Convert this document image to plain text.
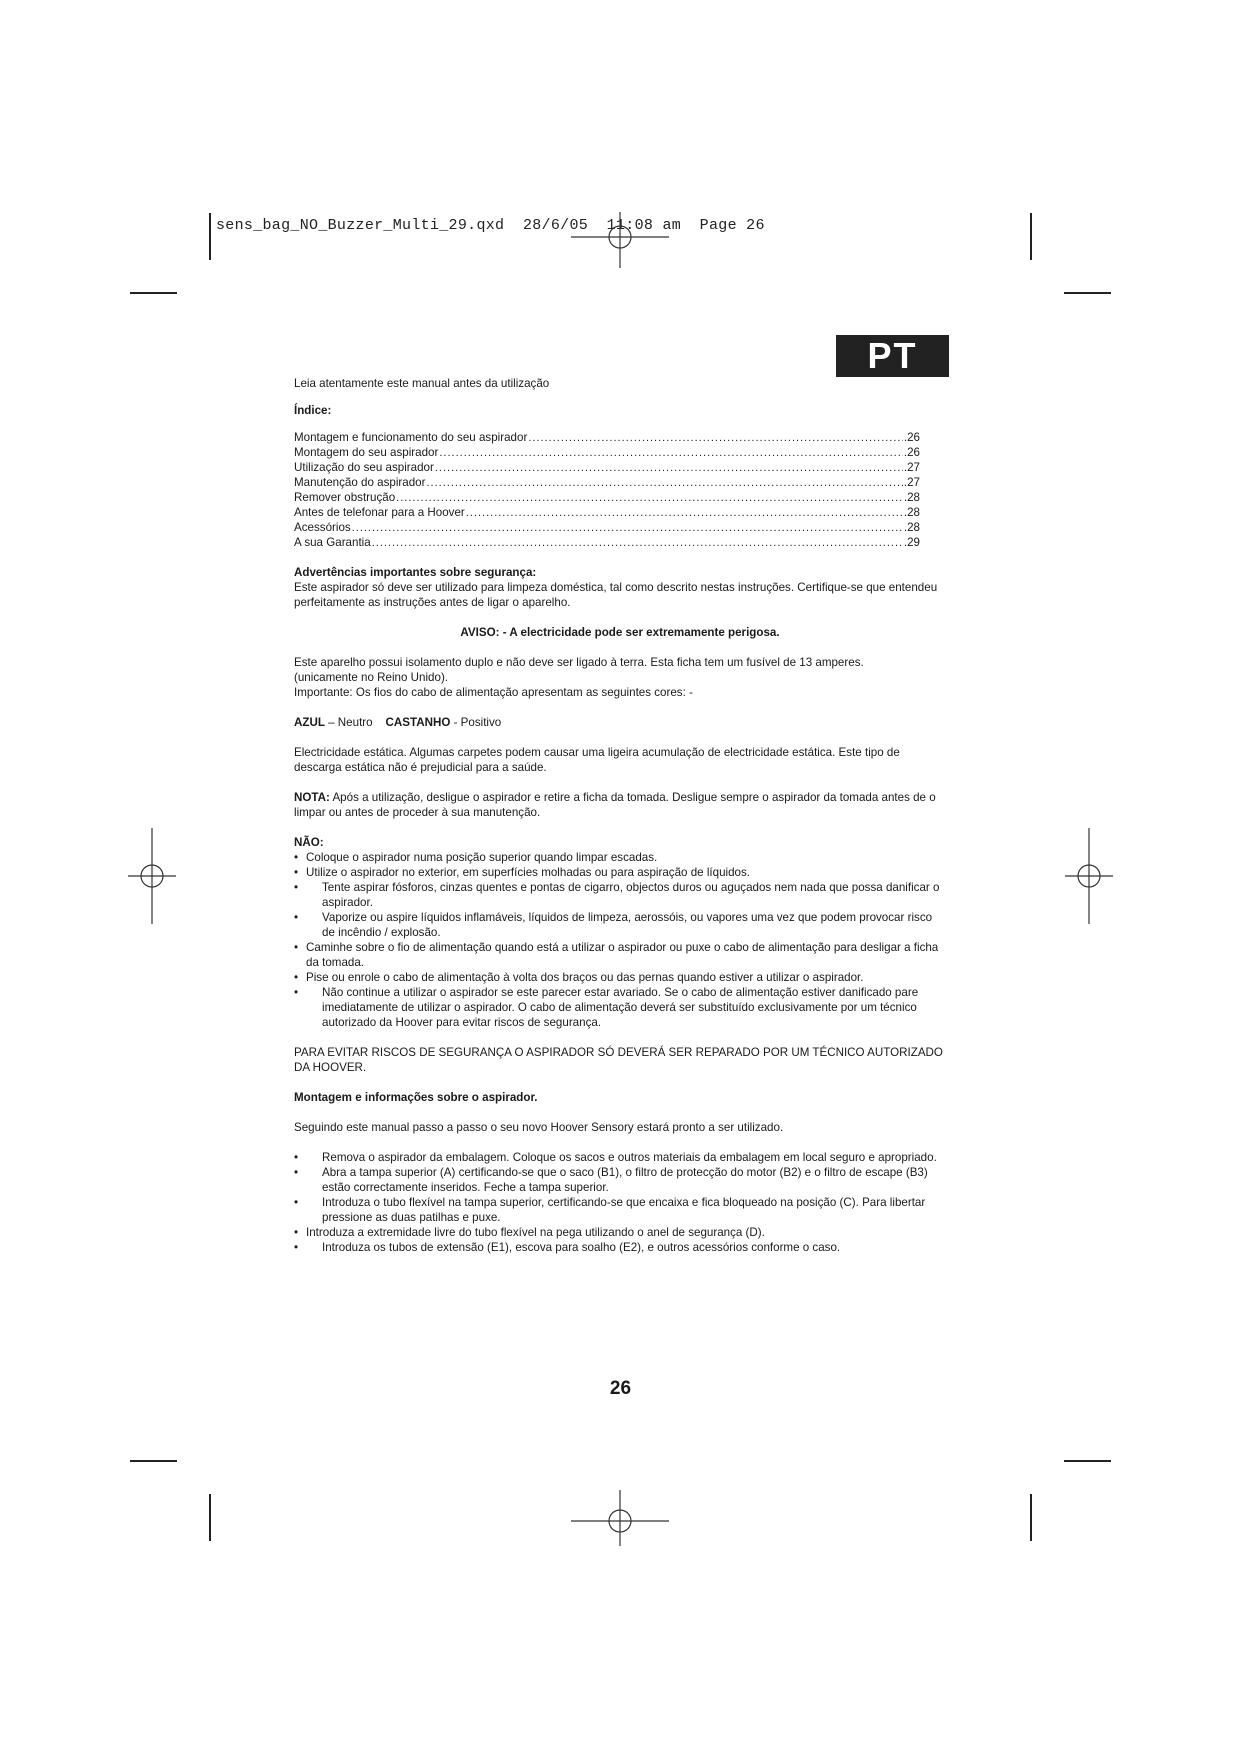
sens_bag_NO_Buzzer_Multi_29.qxd  28/6/05  11:08 am  Page 26
PT

Leia atentamente este manual antes da utilização

Índice:

Montagem e funcionamento do seu aspirador .....	.26
Montagem do seu aspirador .....	.26
Utilização do seu aspirador .....	.27
Manutenção do aspirador .....	.27
Remover obstrução .....	.28
Antes de telefonar para a Hoover .....	.28
Acessórios .....	.28
A sua Garantia .....	.29

Advertências importantes sobre segurança:

Este aspirador só deve ser utilizado para limpeza doméstica, tal como descrito nestas instruções. Certifique-se que entendeu perfeitamente as instruções antes de ligar o aparelho.

AVISO: - A electricidade pode ser extremamente perigosa.

Este aparelho possui isolamento duplo e não deve ser ligado à terra. Esta ficha tem um fusível de 13 amperes.

(unicamente no Reino Unido).

Importante: Os fios do cabo de alimentação apresentam as seguintes cores: -

AZUL – Neutro CASTANHO - Positivo

Electricidade estática. Algumas carpetes podem causar uma ligeira acumulação de electricidade estática. Este tipo de descarga estática não é prejudicial para a saúde.

NOTA: Após a utilização, desligue o aspirador e retire a ficha da tomada. Desligue sempre o aspirador da tomada antes de o limpar ou antes de proceder à sua manutenção.

NÃO:

• Coloque o aspirador numa posição superior quando limpar escadas.
• Utilize o aspirador no exterior, em superfícies molhadas ou para aspiração de líquidos.
• Tente aspirar fósforos, cinzas quentes e pontas de cigarro, objectos duros ou aguçados nem nada que possa danificar o aspirador.
• Vaporize ou aspire líquidos inflamáveis, líquidos de limpeza, aerossóis, ou vapores uma vez que podem provocar risco de incêndio / explosão.
• Caminhe sobre o fio de alimentação quando está a utilizar o aspirador ou puxe o cabo de alimentação para desligar a ficha da tomada.
• Pise ou enrole o cabo de alimentação à volta dos braços ou das pernas quando estiver a utilizar o aspirador.
• Não continue a utilizar o aspirador se este parecer estar avariado. Se o cabo de alimentação estiver danificado pare imediatamente de utilizar o aspirador. O cabo de alimentação deverá ser substituído exclusivamente por um técnico autorizado da Hoover para evitar riscos de segurança.

PARA EVITAR RISCOS DE SEGURANÇA O ASPIRADOR SÓ DEVERÁ SER REPARADO POR UM TÉCNICO AUTORIZADO DA HOOVER.

Montagem e informações sobre o aspirador.

Seguindo este manual passo a passo o seu novo Hoover Sensory estará pronto a ser utilizado.

• Remova o aspirador da embalagem. Coloque os sacos e outros materiais da embalagem em local seguro e apropriado.
• Abra a tampa superior (A) certificando-se que o saco (B1), o filtro de protecção do motor (B2) e o filtro de escape (B3) estão correctamente inseridos. Feche a tampa superior.
• Introduza o tubo flexível na tampa superior, certificando-se que encaixa e fica bloqueado na posição (C). Para libertar pressione as duas patilhas e puxe.
• Introduza a extremidade livre do tubo flexível na pega utilizando o anel de segurança (D).
• Introduza os tubos de extensão (E1), escova para soalho (E2), e outros acessórios conforme o caso.
26
